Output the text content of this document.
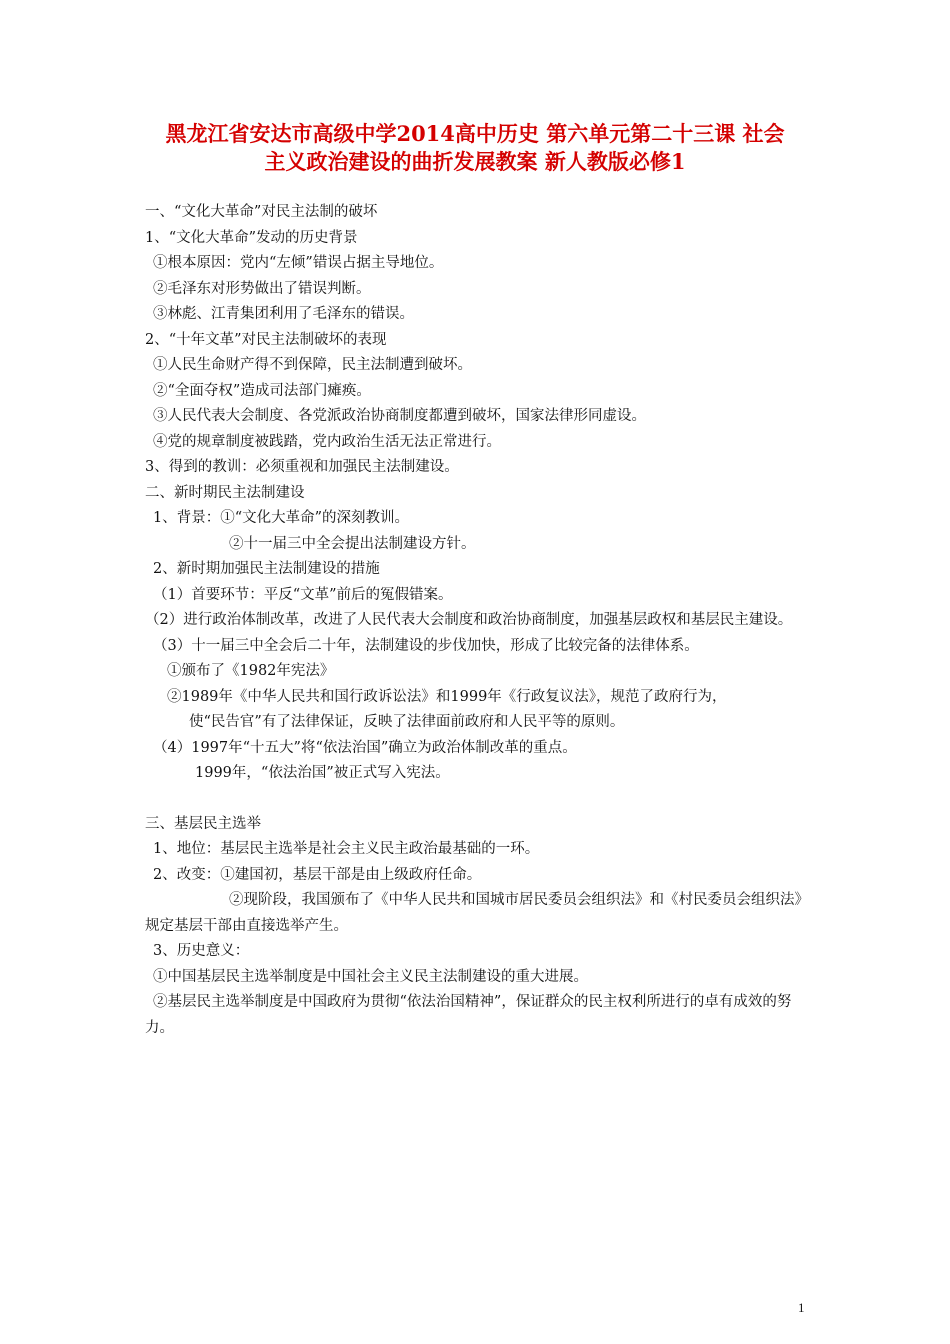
黑龙江省安达市高级中学2014高中历史 第六单元第二十三课 社会
主义政治建设的曲折发展教案 新人教版必修1
一、“文化大革命”对民主法制的破坏
1、“文化大革命”发动的历史背景
①根本原因：党内“左倾”错误占据主导地位。
②毛泽东对形势做出了错误判断。
③林彪、江青集团利用了毛泽东的错误。
2、“十年文革”对民主法制破坏的表现
①人民生命财产得不到保障，民主法制遭到破坏。
②“全面夺权”造成司法部门瘫痪。
③人民代表大会制度、各党派政治协商制度都遭到破坏，国家法律形同虚设。
④党的规章制度被践踏，党内政治生活无法正常进行。
3、得到的教训：必须重视和加强民主法制建设。
二、新时期民主法制建设
1、背景：①“文化大革命”的深刻教训。
②十一届三中全会提出法制建设方针。
2、新时期加强民主法制建设的措施
（1）首要环节：平反“文革”前后的冤假错案。
（2）进行政治体制改革，改进了人民代表大会制度和政治协商制度，加强基层政权和基层民主建设。
（3）十一届三中全会后二十年，法制建设的步伐加快，形成了比较完备的法律体系。
①颁布了《1982年宪法》
②1989年《中华人民共和国行政诉讼法》和1999年《行政复议法》，规范了政府行为，
使“民告官”有了法律保证，反映了法律面前政府和人民平等的原则。
（4）1997年“十五大”将“依法治国”确立为政治体制改革的重点。
1999年，“依法治国”被正式写入宪法。
三、基层民主选举
1、地位：基层民主选举是社会主义民主政治最基础的一环。
2、改变：①建国初，基层干部是由上级政府任命。
②现阶段，我国颁布了《中华人民共和国城市居民委员会组织法》和《村民委员会组织法》规定基层干部由直接选举产生。
3、历史意义：
①中国基层民主选举制度是中国社会主义民主法制建设的重大进展。
②基层民主选举制度是中国政府为贯彻“依法治国精神”，保证群众的民主权利所进行的卓有成效的努力。
1
